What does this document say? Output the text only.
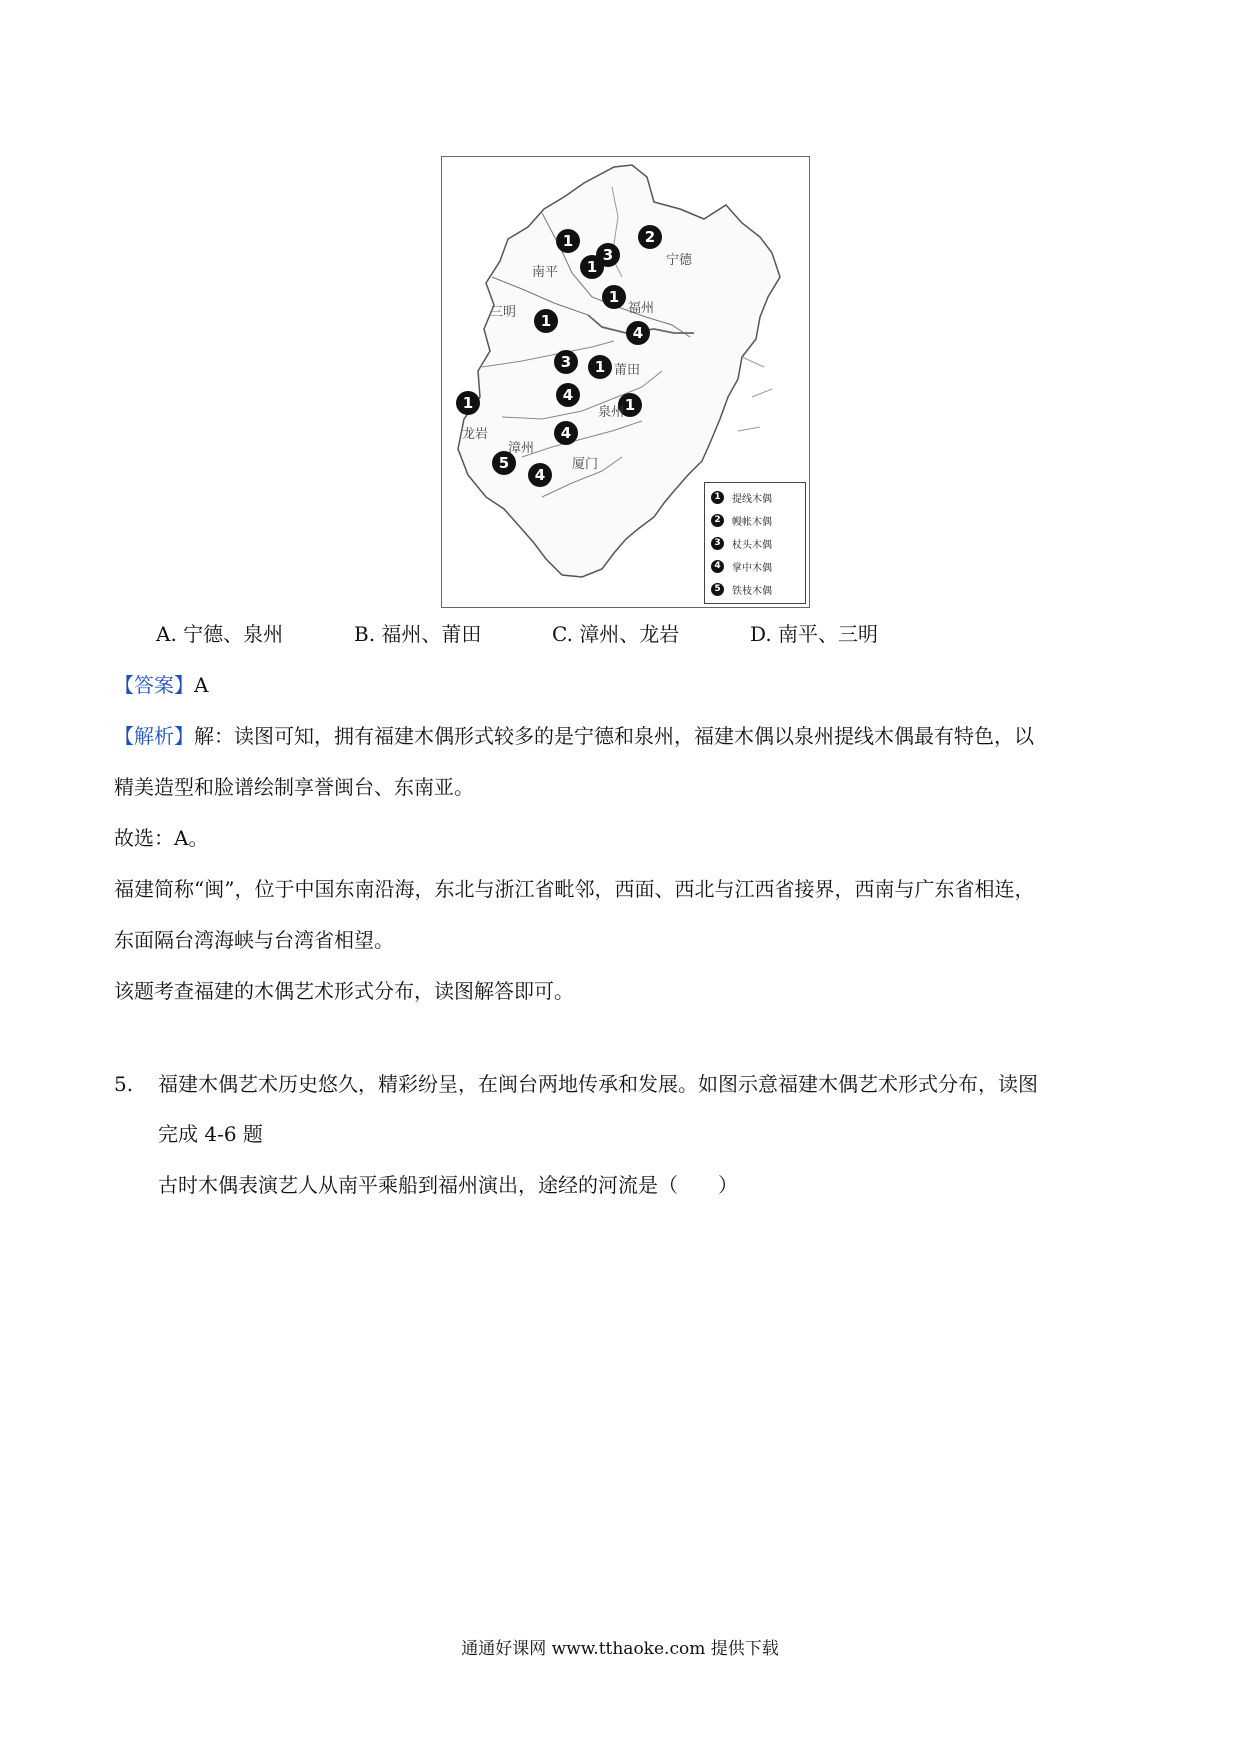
1
1
3
2
1
1
4
3	1
4
1
1
4
5
4
南平
宁德
三明	福州
莆田
泉州
龙岩
漳州
厦门
1	提线木偶
2	幔帐木偶
3	杖头木偶
4	掌中木偶
5	铁枝木偶
A. 宁德、泉州	B. 福州、莆田	C. 漳州、龙岩	D. 南平、三明
【答案】A
【解析】解：读图可知，拥有福建木偶形式较多的是宁德和泉州，福建木偶以泉州提线木偶最有特色，以
精美造型和脸谱绘制享誉闽台、东南亚。
故选：A。
福建简称“闽”，位于中国东南沿海，东北与浙江省毗邻，西面、西北与江西省接界，西南与广东省相连，
东面隔台湾海峡与台湾省相望。
该题考查福建的木偶艺术形式分布，读图解答即可。
5. 福建木偶艺术历史悠久，精彩纷呈，在闽台两地传承和发展。如图示意福建木偶艺术形式分布，读图
完成 4-6 题
古时木偶表演艺人从南平乘船到福州演出，途经的河流是（　　）
通通好课网 www.tthaoke.com 提供下载
